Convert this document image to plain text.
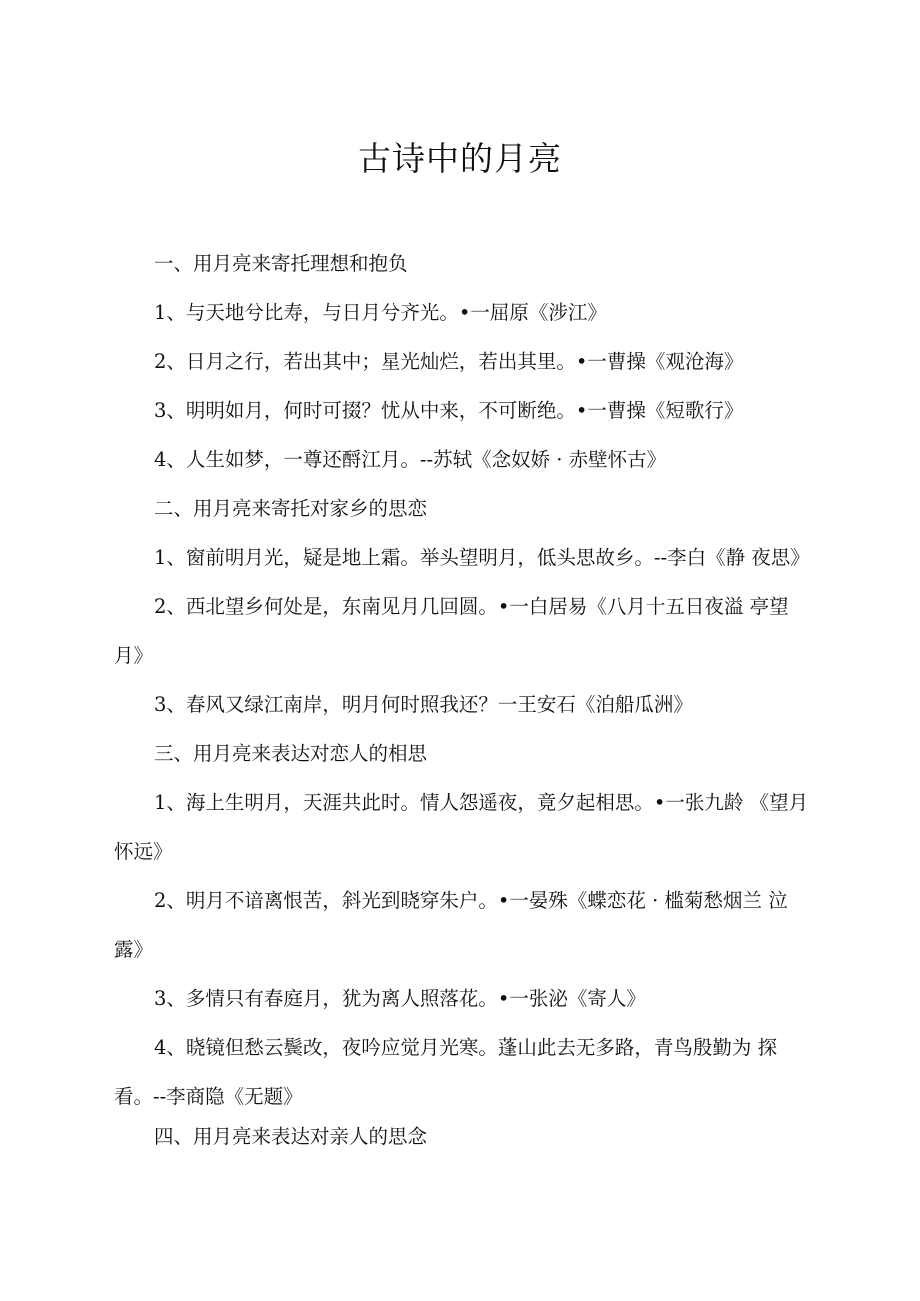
古诗中的月亮
一、用月亮来寄托理想和抱负
1、与天地兮比寿，与日月兮齐光。•一屈原《涉江》
2、日月之行，若出其中；星光灿烂，若出其里。•一曹操《观沧海》
3、明明如月，何时可掇？忧从中来，不可断绝。•一曹操《短歌行》
4、人生如梦，一尊还酹江月。--苏轼《念奴娇 · 赤壁怀古》
二、用月亮来寄托对家乡的思恋
1、窗前明月光，疑是地上霜。举头望明月，低头思故乡。--李白《静 夜思》
2、西北望乡何处是，东南见月几回圆。•一白居易《八月十五日夜溢 亭望月》
3、春风又绿江南岸，明月何时照我还？一王安石《泊船瓜洲》
三、用月亮来表达对恋人的相思
1、海上生明月，天涯共此时。情人怨遥夜，竟夕起相思。•一张九龄 《望月怀远》
2、明月不谙离恨苦，斜光到晓穿朱户。•一晏殊《蝶恋花 · 槛菊愁烟兰 泣露》
3、多情只有春庭月，犹为离人照落花。•一张泌《寄人》
4、晓镜但愁云鬓改，夜吟应觉月光寒。蓬山此去无多路，青鸟殷勤为 探看。--李商隐《无题》
四、用月亮来表达对亲人的思念
